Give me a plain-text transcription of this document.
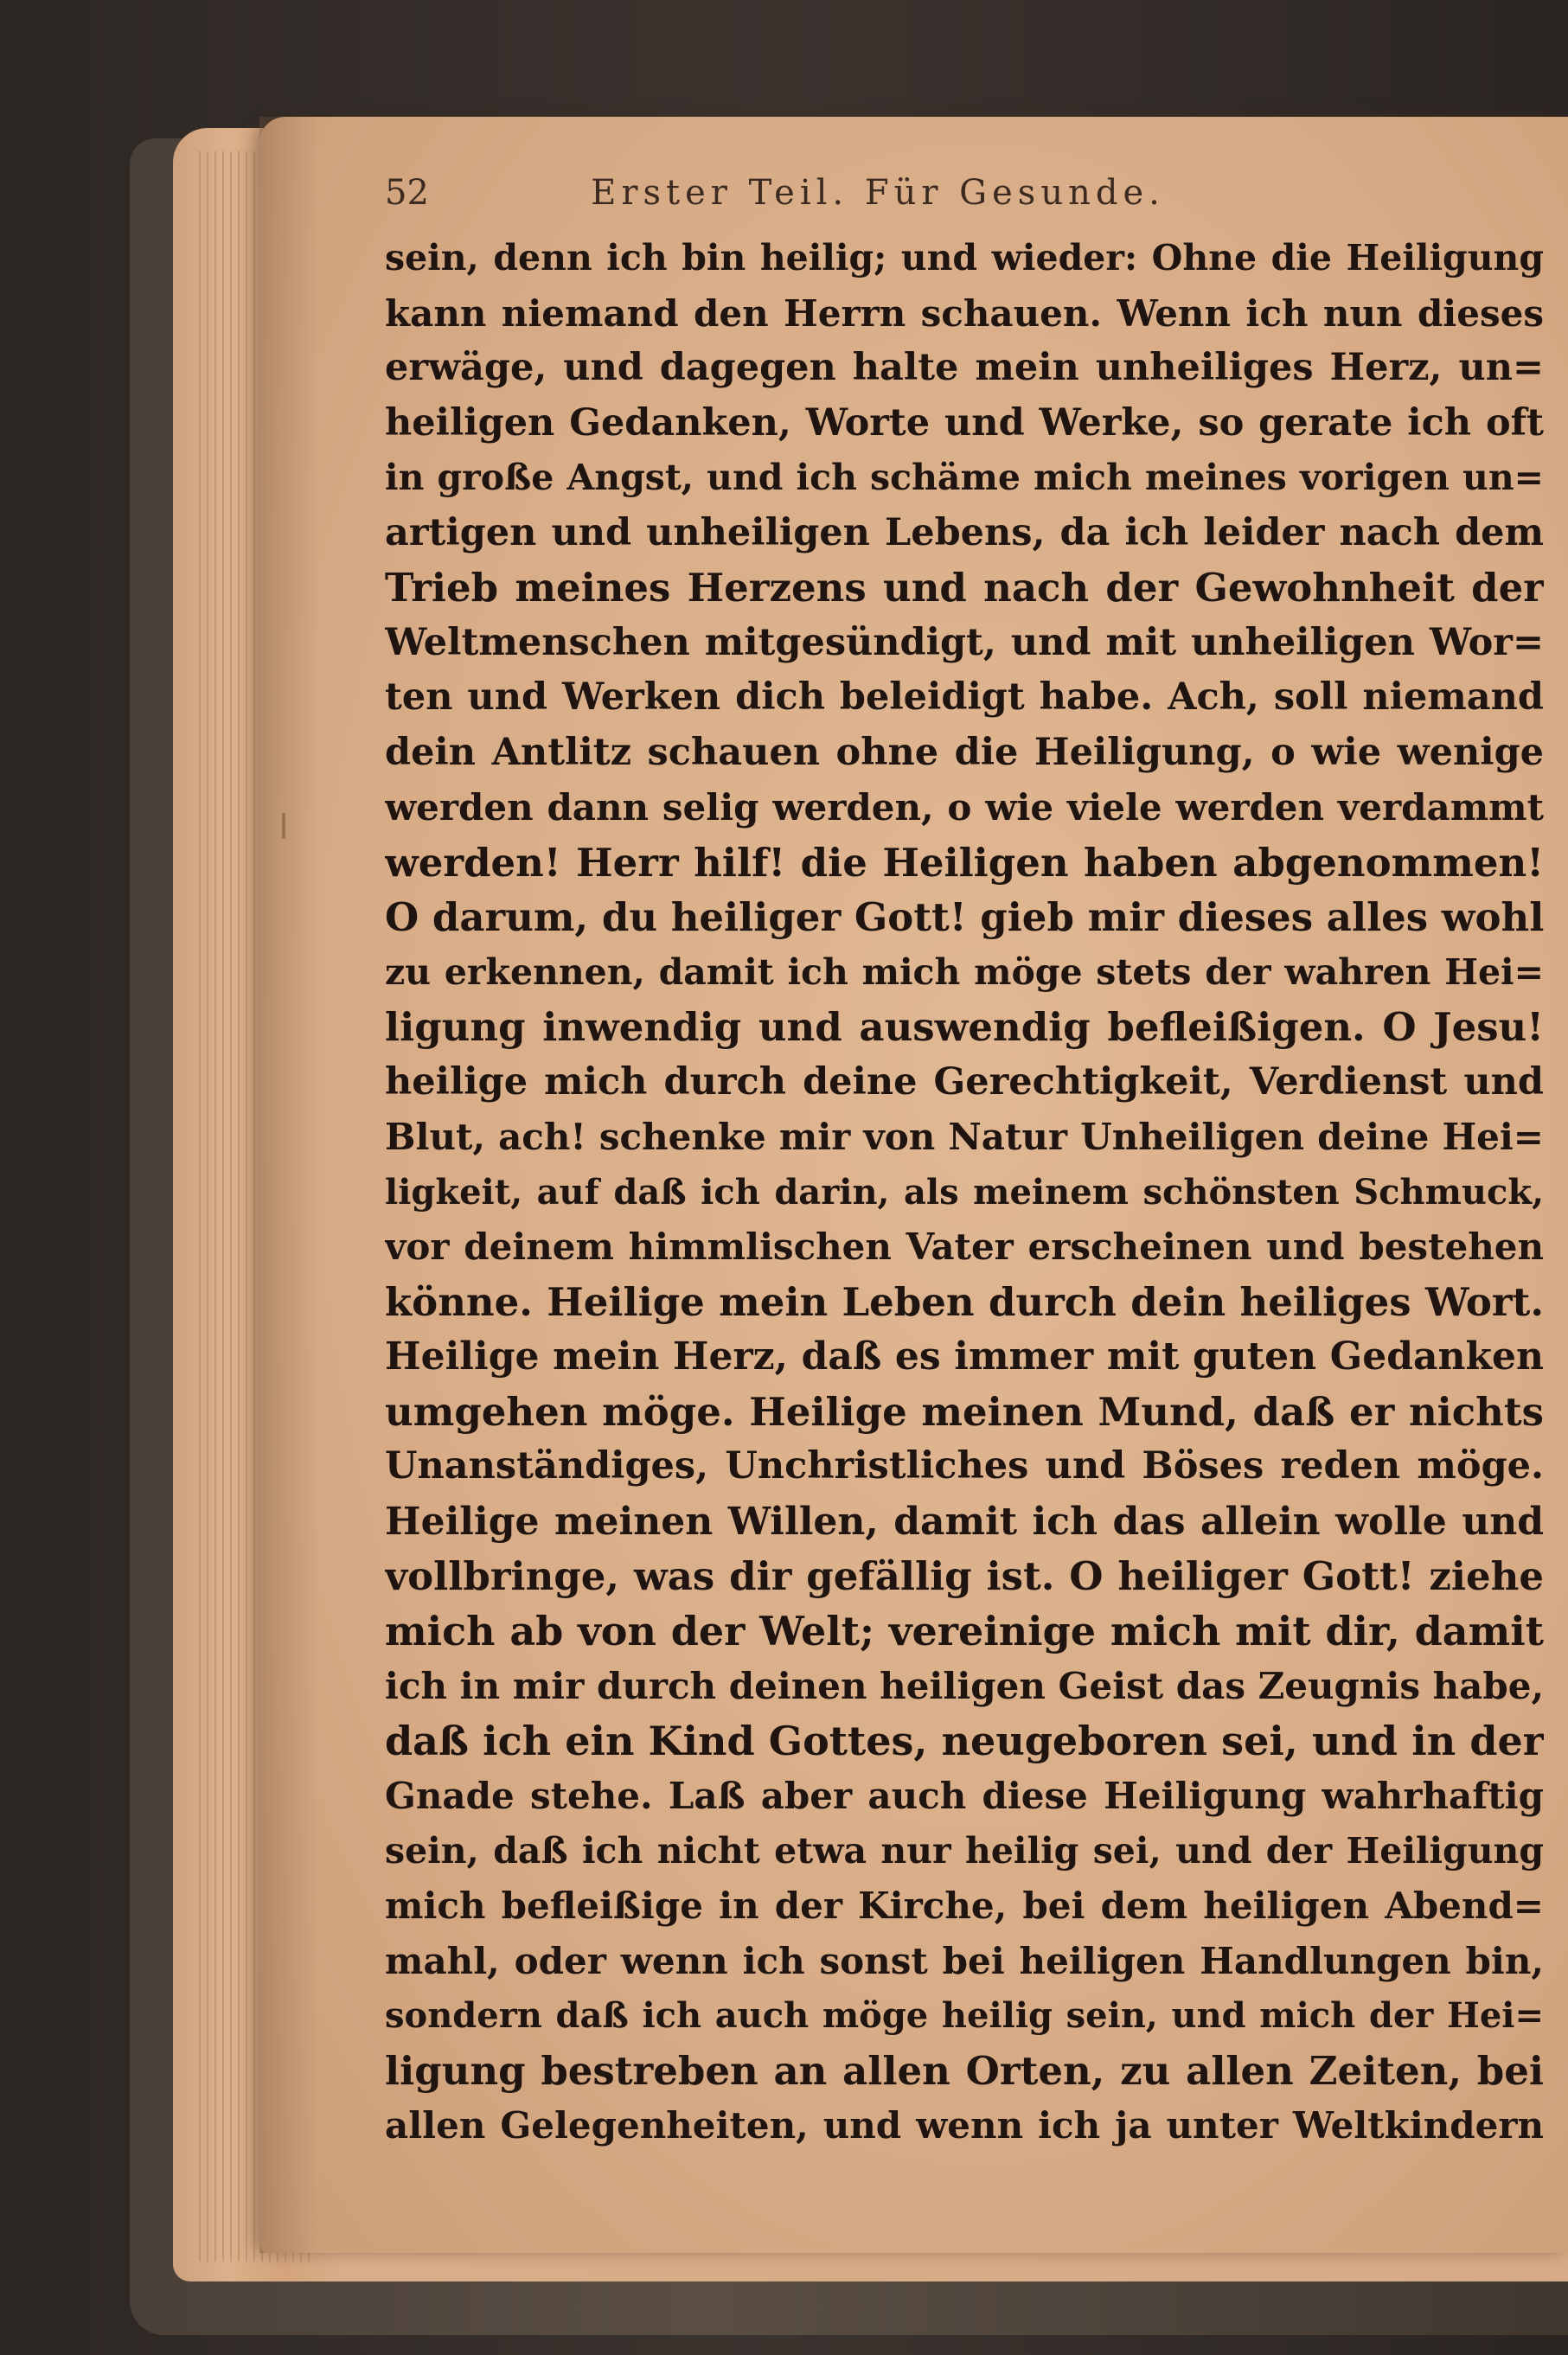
52	Erster Teil. Für Gesunde.
sein, denn ich bin heilig; und wieder: Ohne die Heiligung
kann niemand den Herrn schauen. Wenn ich nun dieses
erwäge, und dagegen halte mein unheiliges Herz, un=
heiligen Gedanken, Worte und Werke, so gerate ich oft
in große Angst, und ich schäme mich meines vorigen un=
artigen und unheiligen Lebens, da ich leider nach dem
Trieb meines Herzens und nach der Gewohnheit der
Weltmenschen mitgesündigt, und mit unheiligen Wor=
ten und Werken dich beleidigt habe. Ach, soll niemand
dein Antlitz schauen ohne die Heiligung, o wie wenige
werden dann selig werden, o wie viele werden verdammt
werden! Herr hilf! die Heiligen haben abgenommen!
O darum, du heiliger Gott! gieb mir dieses alles wohl
zu erkennen, damit ich mich möge stets der wahren Hei=
ligung inwendig und auswendig befleißigen. O Jesu!
heilige mich durch deine Gerechtigkeit, Verdienst und
Blut, ach! schenke mir von Natur Unheiligen deine Hei=
ligkeit, auf daß ich darin, als meinem schönsten Schmuck,
vor deinem himmlischen Vater erscheinen und bestehen
könne. Heilige mein Leben durch dein heiliges Wort.
Heilige mein Herz, daß es immer mit guten Gedanken
umgehen möge. Heilige meinen Mund, daß er nichts
Unanständiges, Unchristliches und Böses reden möge.
Heilige meinen Willen, damit ich das allein wolle und
vollbringe, was dir gefällig ist. O heiliger Gott! ziehe
mich ab von der Welt; vereinige mich mit dir, damit
ich in mir durch deinen heiligen Geist das Zeugnis habe,
daß ich ein Kind Gottes, neugeboren sei, und in der
Gnade stehe. Laß aber auch diese Heiligung wahrhaftig
sein, daß ich nicht etwa nur heilig sei, und der Heiligung
mich befleißige in der Kirche, bei dem heiligen Abend=
mahl, oder wenn ich sonst bei heiligen Handlungen bin,
sondern daß ich auch möge heilig sein, und mich der Hei=
ligung bestreben an allen Orten, zu allen Zeiten, bei
allen Gelegenheiten, und wenn ich ja unter Weltkindern
